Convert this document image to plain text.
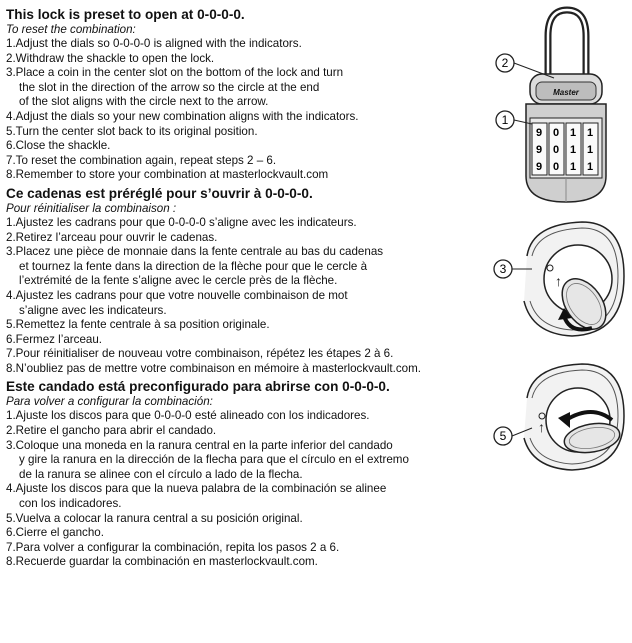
This lock is preset to open at 0-0-0-0.
To reset the combination:
1.Adjust the dials so 0-0-0-0 is aligned with the indicators.
2.Withdraw the shackle to open the lock.
3.Place a coin in the center slot on the bottom of the lock and turn
the slot in the direction of the arrow so the circle at the end
of the slot aligns with the circle next to the arrow.
4.Adjust the dials so your new combination aligns with the indicators.
5.Turn the center slot back to its original position.
6.Close the shackle.
7.To reset the combination again, repeat steps 2 – 6.
8.Remember to store your combination at masterlockvault.com
Ce cadenas est préréglé pour s’ouvrir à 0-0-0-0.
Pour réinitialiser la combinaison :
1.Ajustez les cadrans pour que 0-0-0-0 s’aligne avec les indicateurs.
2.Retirez l’arceau pour ouvrir le cadenas.
3.Placez une pièce de monnaie dans la fente centrale au bas du cadenas
et tournez la fente dans la direction de la flèche pour que le cercle à
l’extrémité de la fente s’aligne avec le cercle près de la flèche.
4.Ajustez les cadrans pour que votre nouvelle combinaison de mot
s’aligne avec les indicateurs.
5.Remettez la fente centrale à sa position originale.
6.Fermez l’arceau.
7.Pour réinitialiser de nouveau votre combinaison, répétez les étapes 2 à 6.
8.N’oubliez pas de mettre votre combinaison en mémoire à masterlockvault.com.
Este candado está preconfigurado para abrirse con 0-0-0-0.
Para volver a configurar la combinación:
1.Ajuste los discos para que 0-0-0-0 esté alineado con los indicadores.
2.Retire el gancho para abrir el candado.
3.Coloque una moneda en la ranura central en la parte inferior del candado
y gire la ranura en la dirección de la flecha para que el círculo en el extremo
de la ranura se alinee con el círculo a lado de la flecha.
4.Ajuste los discos para que la nueva palabra de la combinación se alinee
con los indicadores.
5.Vuelva a colocar la ranura central a su posición original.
6.Cierre el gancho.
7.Para volver a configurar la combinación, repita los pasos 2 a 6.
8.Recuerde guardar la combinación en masterlockvault.com.
Master
9 0 1
9 0 1
9 0 1
1
1
1
2
1
↑
3
↑
5
